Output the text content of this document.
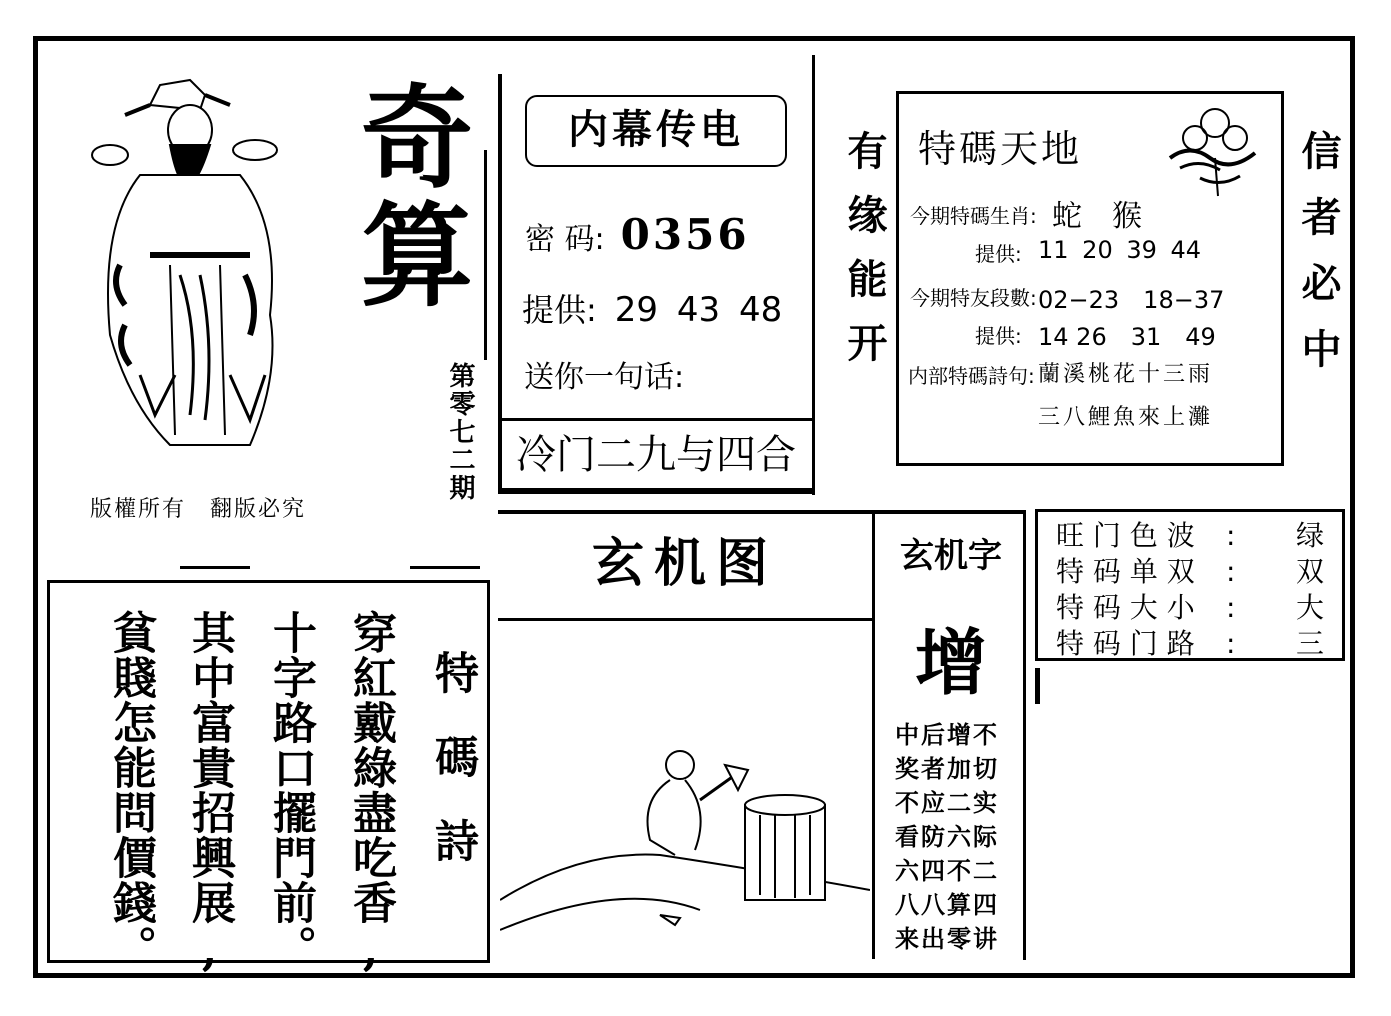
版權所有　翻版必究
奇
算
第零七二期
内幕传电
密 码: 0356
提供: 29 43 48
送你一句话:
冷门二九与四合
有缘能开 特碼天地
今期特碼生肖: 蛇　猴
提供: 11 20 39 44
今期特友段數: 02−23　18−37
提供: 14 26　31　49
内部特碼詩句: 蘭溪桃花十三雨
三八鯉魚來上灘
信者必中
旺 门 色 波	:	绿
特 码 单 双	:	双
特 码 大 小	:	大
特 码 门 路	:	三
特碼詩
穿紅戴綠盡吃香,
十字路口擺門前。
其中富貴招興展,
貧賤怎能問價錢。
玄机图	玄机字
增
中后增不
奖者加切
不应二实
看防六际
六四不二
八八算四
来出零讲
